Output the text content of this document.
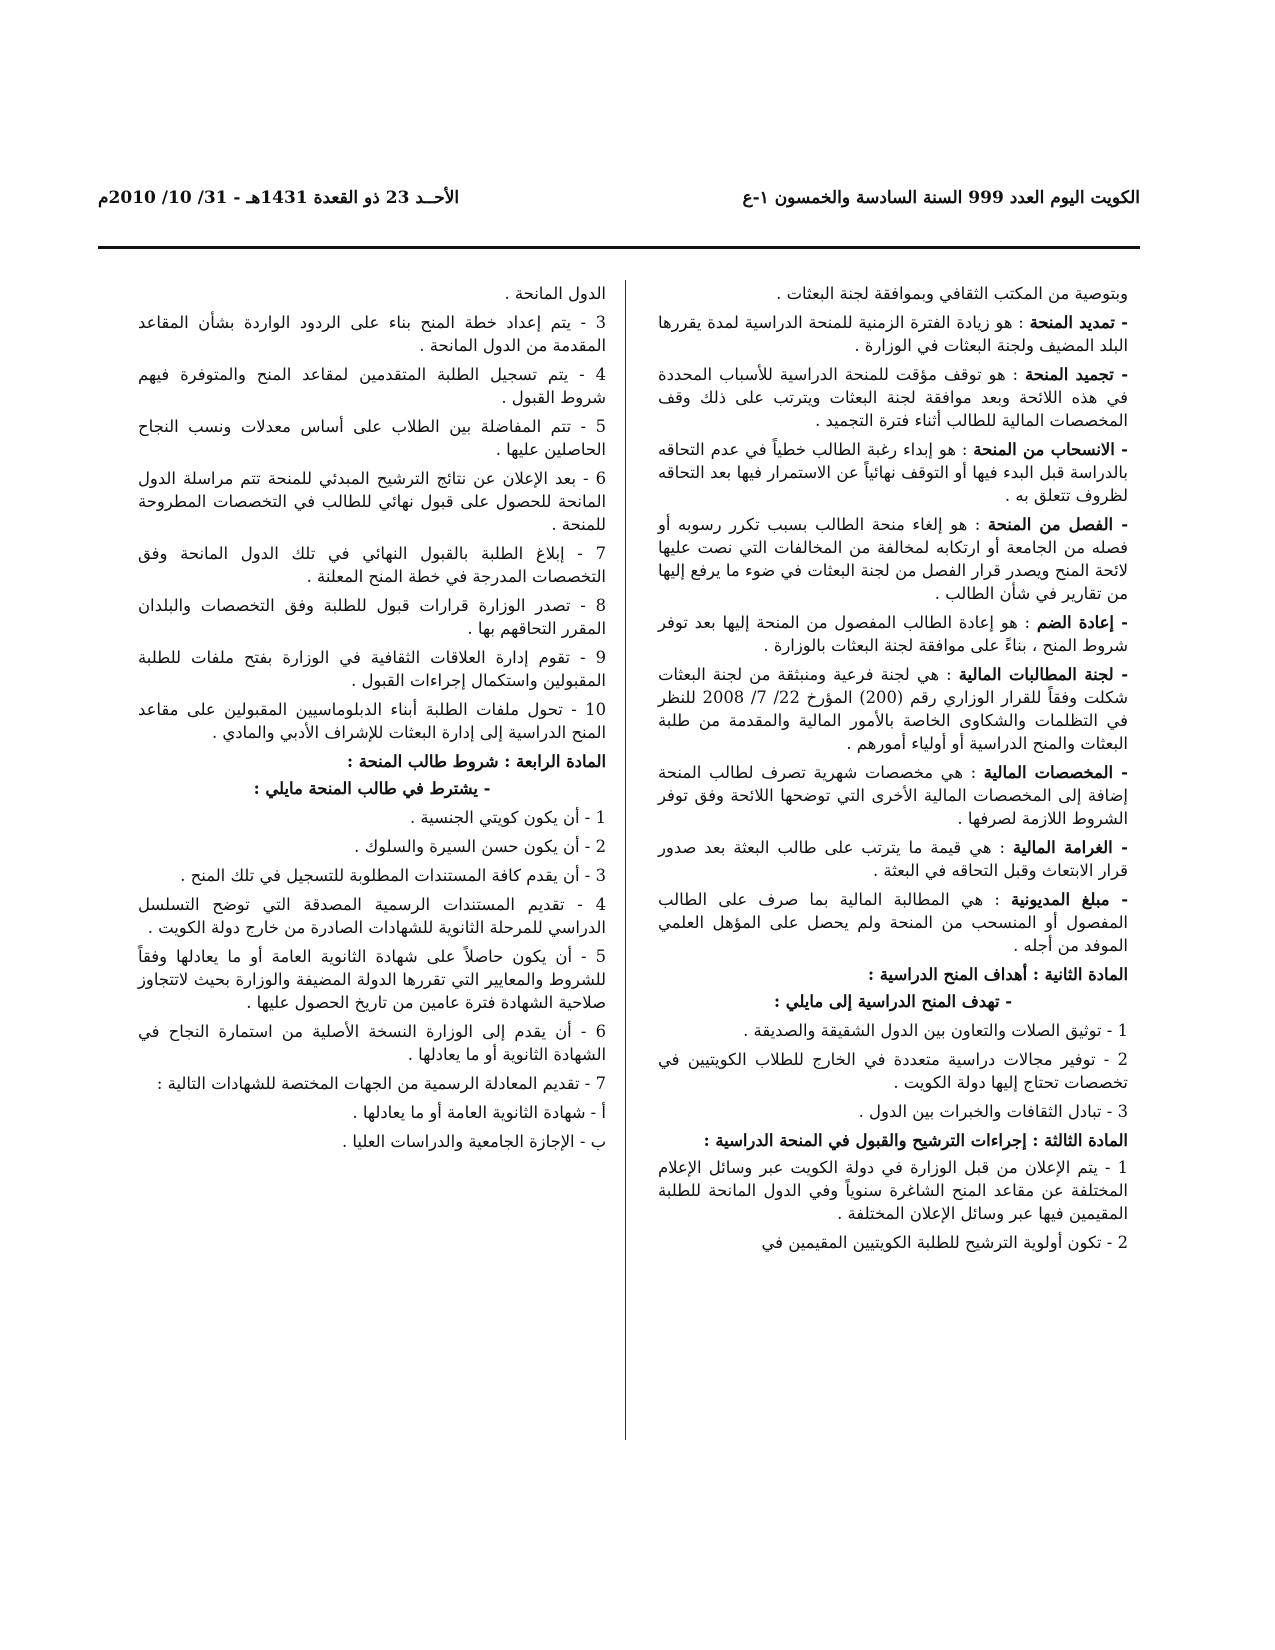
الكويت اليوم العدد 999 السنة السادسة والخمسون ١-ع
الأحــد 23 ذو القعدة 1431هـ - 31/ 10/ 2010م
وبتوصية من المكتب الثقافي وبموافقة لجنة البعثات .
- تمديد المنحة : هو زيادة الفترة الزمنية للمنحة الدراسية لمدة يقررها البلد المضيف ولجنة البعثات في الوزارة .
- تجميد المنحة : هو توقف مؤقت للمنحة الدراسية للأسباب المحددة في هذه اللائحة وبعد موافقة لجنة البعثات ويترتب على ذلك وقف المخصصات المالية للطالب أثناء فترة التجميد .
- الانسحاب من المنحة : هو إبداء رغبة الطالب خطياً في عدم التحاقه بالدراسة قبل البدء فيها أو التوقف نهائياً عن الاستمرار فيها بعد التحاقه لظروف تتعلق به .
- الفصل من المنحة : هو إلغاء منحة الطالب بسبب تكرر رسوبه أو فصله من الجامعة أو ارتكابه لمخالفة من المخالفات التي نصت عليها لائحة المنح ويصدر قرار الفصل من لجنة البعثات في ضوء ما يرفع إليها من تقارير في شأن الطالب .
- إعادة الضم : هو إعادة الطالب المفصول من المنحة إليها بعد توفر شروط المنح ، بناءً على موافقة لجنة البعثات بالوزارة .
- لجنة المطالبات المالية : هي لجنة فرعية ومنبثقة من لجنة البعثات شكلت وفقاً للقرار الوزاري رقم (200) المؤرخ 22/ 7/ 2008 للنظر في التظلمات والشكاوى الخاصة بالأمور المالية والمقدمة من طلبة البعثات والمنح الدراسية أو أولياء أمورهم .
- المخصصات المالية : هي مخصصات شهرية تصرف لطالب المنحة إضافة إلى المخصصات المالية الأخرى التي توضحها اللائحة وفق توفر الشروط اللازمة لصرفها .
- الغرامة المالية : هي قيمة ما يترتب على طالب البعثة بعد صدور قرار الابتعاث وقبل التحاقه في البعثة .
- مبلغ المديونية : هي المطالبة المالية بما صرف على الطالب المفصول أو المنسحب من المنحة ولم يحصل على المؤهل العلمي الموفد من أجله .
المادة الثانية : أهداف المنح الدراسية :
- تهدف المنح الدراسية إلى مايلي :
1 - توثيق الصلات والتعاون بين الدول الشقيقة والصديقة .
2 - توفير مجالات دراسية متعددة في الخارج للطلاب الكويتيين في تخصصات تحتاج إليها دولة الكويت .
3 - تبادل الثقافات والخبرات بين الدول .
المادة الثالثة : إجراءات الترشيح والقبول في المنحة الدراسية :
1 - يتم الإعلان من قبل الوزارة في دولة الكويت عبر وسائل الإعلام المختلفة عن مقاعد المنح الشاغرة سنوياً وفي الدول المانحة للطلبة المقيمين فيها عبر وسائل الإعلان المختلفة .
2 - تكون أولوية الترشيح للطلبة الكويتيين المقيمين في
الدول المانحة .
3 - يتم إعداد خطة المنح بناء على الردود الواردة بشأن المقاعد المقدمة من الدول المانحة .
4 - يتم تسجيل الطلبة المتقدمين لمقاعد المنح والمتوفرة فيهم شروط القبول .
5 - تتم المفاضلة بين الطلاب على أساس معدلات ونسب النجاح الحاصلين عليها .
6 - بعد الإعلان عن نتائج الترشيح المبدئي للمنحة تتم مراسلة الدول المانحة للحصول على قبول نهائي للطالب في التخصصات المطروحة للمنحة .
7 - إبلاغ الطلبة بالقبول النهائي في تلك الدول المانحة وفق التخصصات المدرجة في خطة المنح المعلنة .
8 - تصدر الوزارة قرارات قبول للطلبة وفق التخصصات والبلدان المقرر التحاقهم بها .
9 - تقوم إدارة العلاقات الثقافية في الوزارة بفتح ملفات للطلبة المقبولين واستكمال إجراءات القبول .
10 - تحول ملفات الطلبة أبناء الدبلوماسيين المقبولين على مقاعد المنح الدراسية إلى إدارة البعثات للإشراف الأدبي والمادي .
المادة الرابعة : شروط طالب المنحة :
- يشترط في طالب المنحة مايلي :
1 - أن يكون كويتي الجنسية .
2 - أن يكون حسن السيرة والسلوك .
3 - أن يقدم كافة المستندات المطلوبة للتسجيل في تلك المنح .
4 - تقديم المستندات الرسمية المصدقة التي توضح التسلسل الدراسي للمرحلة الثانوية للشهادات الصادرة من خارج دولة الكويت .
5 - أن يكون حاصلاً على شهادة الثانوية العامة أو ما يعادلها وفقاً للشروط والمعايير التي تقررها الدولة المضيفة والوزارة بحيث لاتتجاوز صلاحية الشهادة فترة عامين من تاريخ الحصول عليها .
6 - أن يقدم إلى الوزارة النسخة الأصلية من استمارة النجاح في الشهادة الثانوية أو ما يعادلها .
7 - تقديم المعادلة الرسمية من الجهات المختصة للشهادات التالية :
أ - شهادة الثانوية العامة أو ما يعادلها .
ب - الإجازة الجامعية والدراسات العليا .
